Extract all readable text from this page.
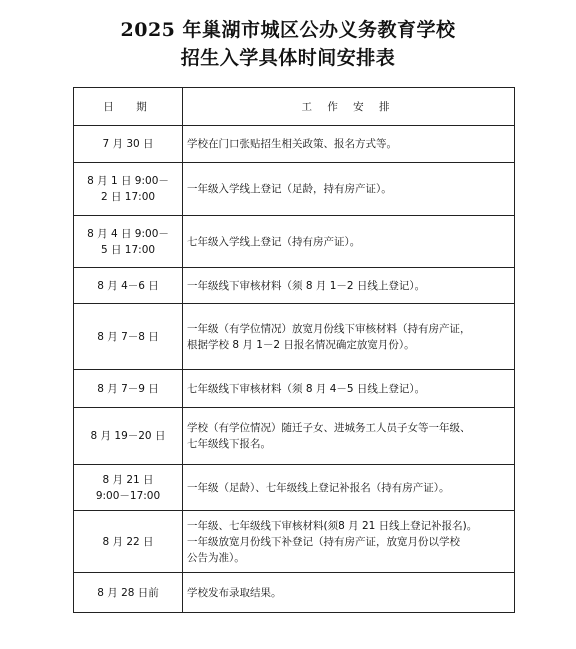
2025 年巢湖市城区公办义务教育学校
招生入学具体时间安排表
日　期	工 作 安 排
7 月 30 日	学校在门口张贴招生相关政策、报名方式等。
8 月 1 日 9:00－
2 日 17:00	一年级入学线上登记（足龄，持有房产证）。
8 月 4 日 9:00－
5 日 17:00	七年级入学线上登记（持有房产证）。
8 月 4－6 日	一年级线下审核材料（须 8 月 1－2 日线上登记）。
8 月 7－8 日	一年级（有学位情况）放宽月份线下审核材料（持有房产证，
根据学校 8 月 1－2 日报名情况确定放宽月份）。
8 月 7－9 日	七年级线下审核材料（须 8 月 4－5 日线上登记）。
8 月 19－20 日	学校（有学位情况）随迁子女、进城务工人员子女等一年级、
七年级线下报名。
8 月 21 日
9:00－17:00	一年级（足龄）、七年级线上登记补报名（持有房产证）。
8 月 22 日	一年级、七年级线下审核材料(须8 月 21 日线上登记补报名)。
一年级放宽月份线下补登记（持有房产证，放宽月份以学校
公告为准）。
8 月 28 日前	学校发布录取结果。
